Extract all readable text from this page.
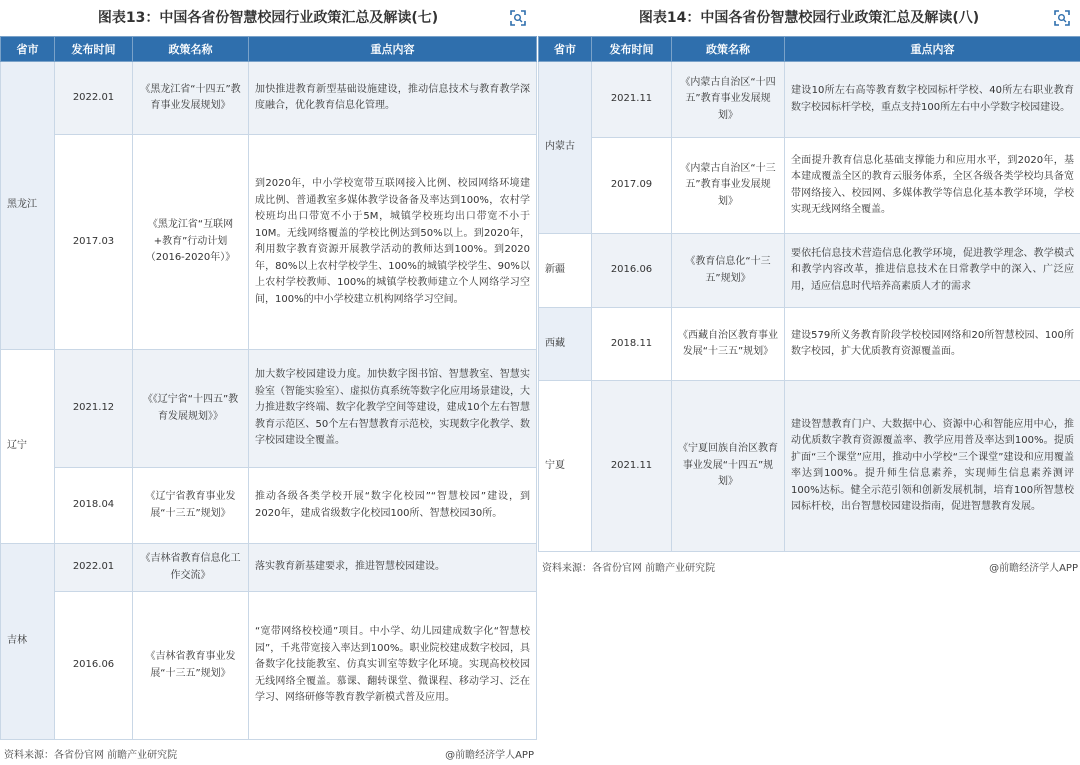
图表13：中国各省份智慧校园行业政策汇总及解读(七)
省市	发布时间	政策名称	重点内容
黑龙江	2022.01	《黑龙江省“十四五”教育事业发展规划》	加快推进教育新型基础设施建设，推动信息技术与教育教学深度融合，优化教育信息化管理。
	2017.03	《黑龙江省“互联网+教育”行动计划（2016-2020年）》	到2020年，中小学校宽带互联网接入比例、校园网络环境建成比例、普通教室多媒体教学设备备及率达到100%，农村学校班均出口带宽不小于5M，城镇学校班均出口带宽不小于10M。无线网络覆盖的学校比例达到50%以上。到2020年，利用数字教育资源开展教学活动的教师达到100%。到2020年，80%以上农村学校学生、100%的城镇学校学生、90%以上农村学校教师、100%的城镇学校教师建立个人网络学习空间，100%的中小学校建立机构网络学习空间。
辽宁	2021.12	《《辽宁省“十四五”教育发展规划》》	加大数字校园建设力度。加快数字图书馆、智慧教室、智慧实验室（智能实验室）、虚拟仿真系统等数字化应用场景建设，大力推进数字终端、数字化教学空间等建设，建成10个左右智慧教育示范区、50个左右智慧教育示范校，实现数字化教学、数字校园建设全覆盖。
	2018.04	《辽宁省教育事业发展“十三五”规划》	推动各级各类学校开展“数字化校园”“智慧校园”建设，到2020年，建成省级数字化校园100所、智慧校园30所。
吉林	2022.01	《吉林省教育信息化工作交流》	落实教育新基建要求，推进智慧校园建设。
	2016.06	《吉林省教育事业发展“十三五”规划》	“宽带网络校校通”项目。中小学、幼儿园建成数字化“智慧校园”，千兆带宽接入率达到100%。职业院校建成数字校园，具备数字化技能教室、仿真实训室等数字化环境。实现高校校园无线网络全覆盖。慕课、翻转课堂、微课程、移动学习、泛在学习、网络研修等教育教学新模式普及应用。
资料来源：各省份官网 前瞻产业研究院	@前瞻经济学人APP
图表14：中国各省份智慧校园行业政策汇总及解读(八)
省市	发布时间	政策名称	重点内容
内蒙古	2021.11	《内蒙古自治区“十四五”教育事业发展规划》	建设10所左右高等教育数字校园标杆学校、40所左右职业教育数字校园标杆学校，重点支持100所左右中小学数字校园建设。
	2017.09	《内蒙古自治区“十三五”教育事业发展规划》	全面提升教育信息化基础支撑能力和应用水平，到2020年，基本建成覆盖全区的教育云服务体系，全区各级各类学校均具备宽带网络接入、校园网、多媒体教学等信息化基本教学环境，学校实现无线网络全覆盖。
新疆	2016.06	《教育信息化“十三五”规划》	要依托信息技术营造信息化教学环境，促进教学理念、教学模式和教学内容改革，推进信息技术在日常教学中的深入、广泛应用，适应信息时代培养高素质人才的需求
西藏	2018.11	《西藏自治区教育事业发展“十三五”规划》	建设579所义务教育阶段学校校园网络和20所智慧校园、100所数字校园，扩大优质教育资源覆盖面。
宁夏	2021.11	《宁夏回族自治区教育事业发展“十四五”规划》	建设智慧教育门户、大数据中心、资源中心和智能应用中心，推动优质数字教育资源覆盖率、教学应用普及率达到100%。提质扩面“三个课堂”应用，推动中小学校“三个课堂”建设和应用覆盖率达到100%。提升师生信息素养，实现师生信息素养测评100%达标。健全示范引领和创新发展机制，培育100所智慧校园标杆校，出台智慧校园建设指南，促进智慧教育发展。
资料来源：各省份官网 前瞻产业研究院	@前瞻经济学人APP
